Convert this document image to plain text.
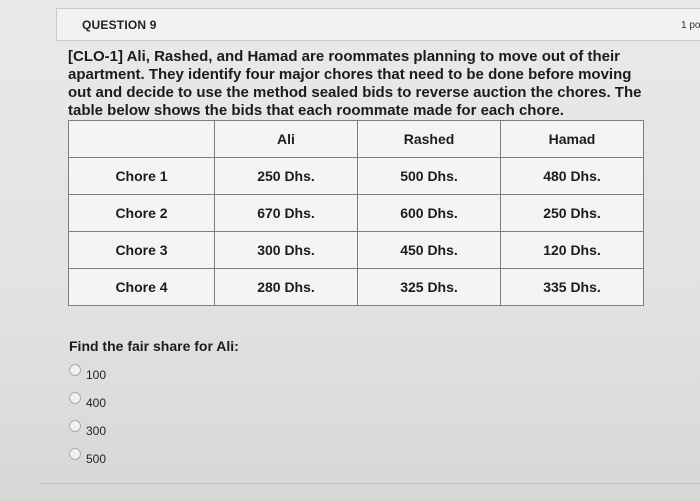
QUESTION 9	1 po
[CLO-1] Ali, Rashed, and Hamad are roommates planning to move out of their apartment. They identify four major chores that need to be done before moving out and decide to use the method sealed bids to reverse auction the chores. The table below shows the bids that each roommate made for each chore.
	Ali	Rashed	Hamad
Chore 1	250 Dhs.	500 Dhs.	480 Dhs.
Chore 2	670 Dhs.	600 Dhs.	250 Dhs.
Chore 3	300 Dhs.	450 Dhs.	120 Dhs.
Chore 4	280 Dhs.	325 Dhs.	335 Dhs.
Find the fair share for Ali:
100
400
300
500
